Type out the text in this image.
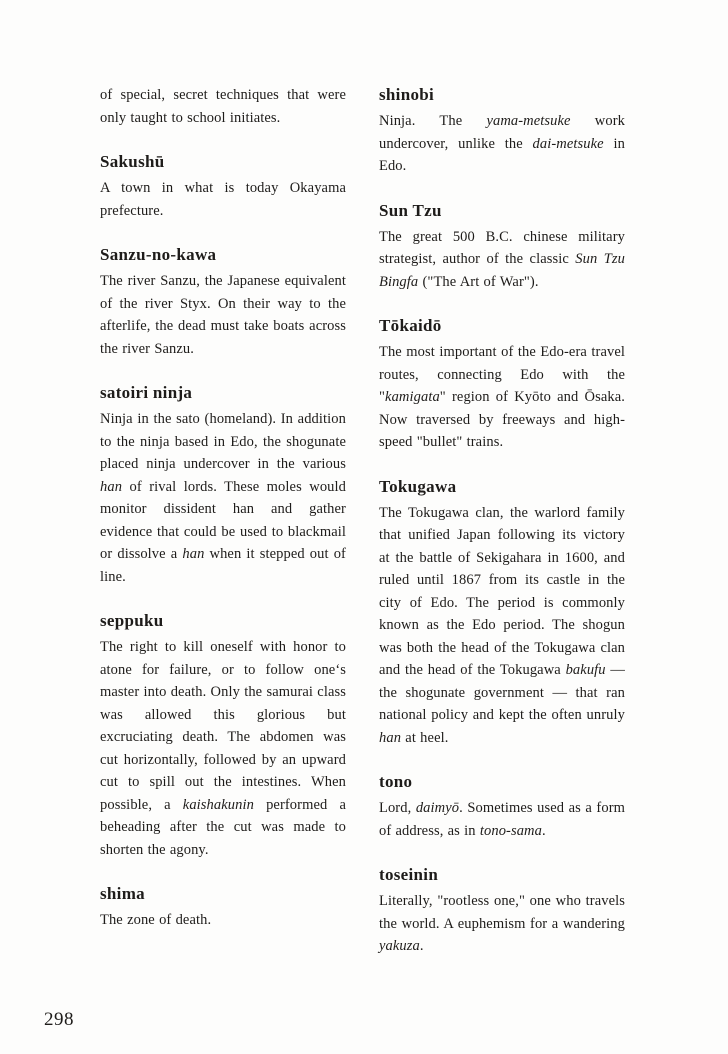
of special, secret techniques that were only taught to school initiates.

Sakushū

A town in what is today Okayama prefecture.

Sanzu-no-kawa

The river Sanzu, the Japanese equivalent of the river Styx. On their way to the afterlife, the dead must take boats across the river Sanzu.

satoiri ninja

Ninja in the sato (homeland). In addition to the ninja based in Edo, the shogunate placed ninja undercover in the various han of rival lords. These moles would monitor dissident han and gather evidence that could be used to blackmail or dissolve a han when it stepped out of line.

seppuku

The right to kill oneself with honor to atone for failure, or to follow one‘s master into death. Only the samurai class was allowed this glorious but excruciating death. The abdomen was cut horizontally, followed by an upward cut to spill out the intestines. When possible, a kaishakunin performed a beheading after the cut was made to shorten the agony.

shima

The zone of death.

shinobi

Ninja. The yama-metsuke work undercover, unlike the dai-metsuke in Edo.

Sun Tzu

The great 500 B.C. chinese military strategist, author of the classic Sun Tzu Bingfa ("The Art of War").

Tōkaidō

The most important of the Edo-era travel routes, connecting Edo with the "kamigata" region of Kyōto and Ōsaka. Now traversed by freeways and high-speed "bullet" trains.

Tokugawa

The Tokugawa clan, the warlord family that unified Japan following its victory at the battle of Sekigahara in 1600, and ruled until 1867 from its castle in the city of Edo. The period is commonly known as the Edo period. The shogun was both the head of the Tokugawa clan and the head of the Tokugawa bakufu — the shogunate government — that ran national policy and kept the often unruly han at heel.

tono

Lord, daimyō. Sometimes used as a form of address, as in tono-sama.

toseinin

Literally, "rootless one," one who travels the world. A euphemism for a wandering yakuza.

298
